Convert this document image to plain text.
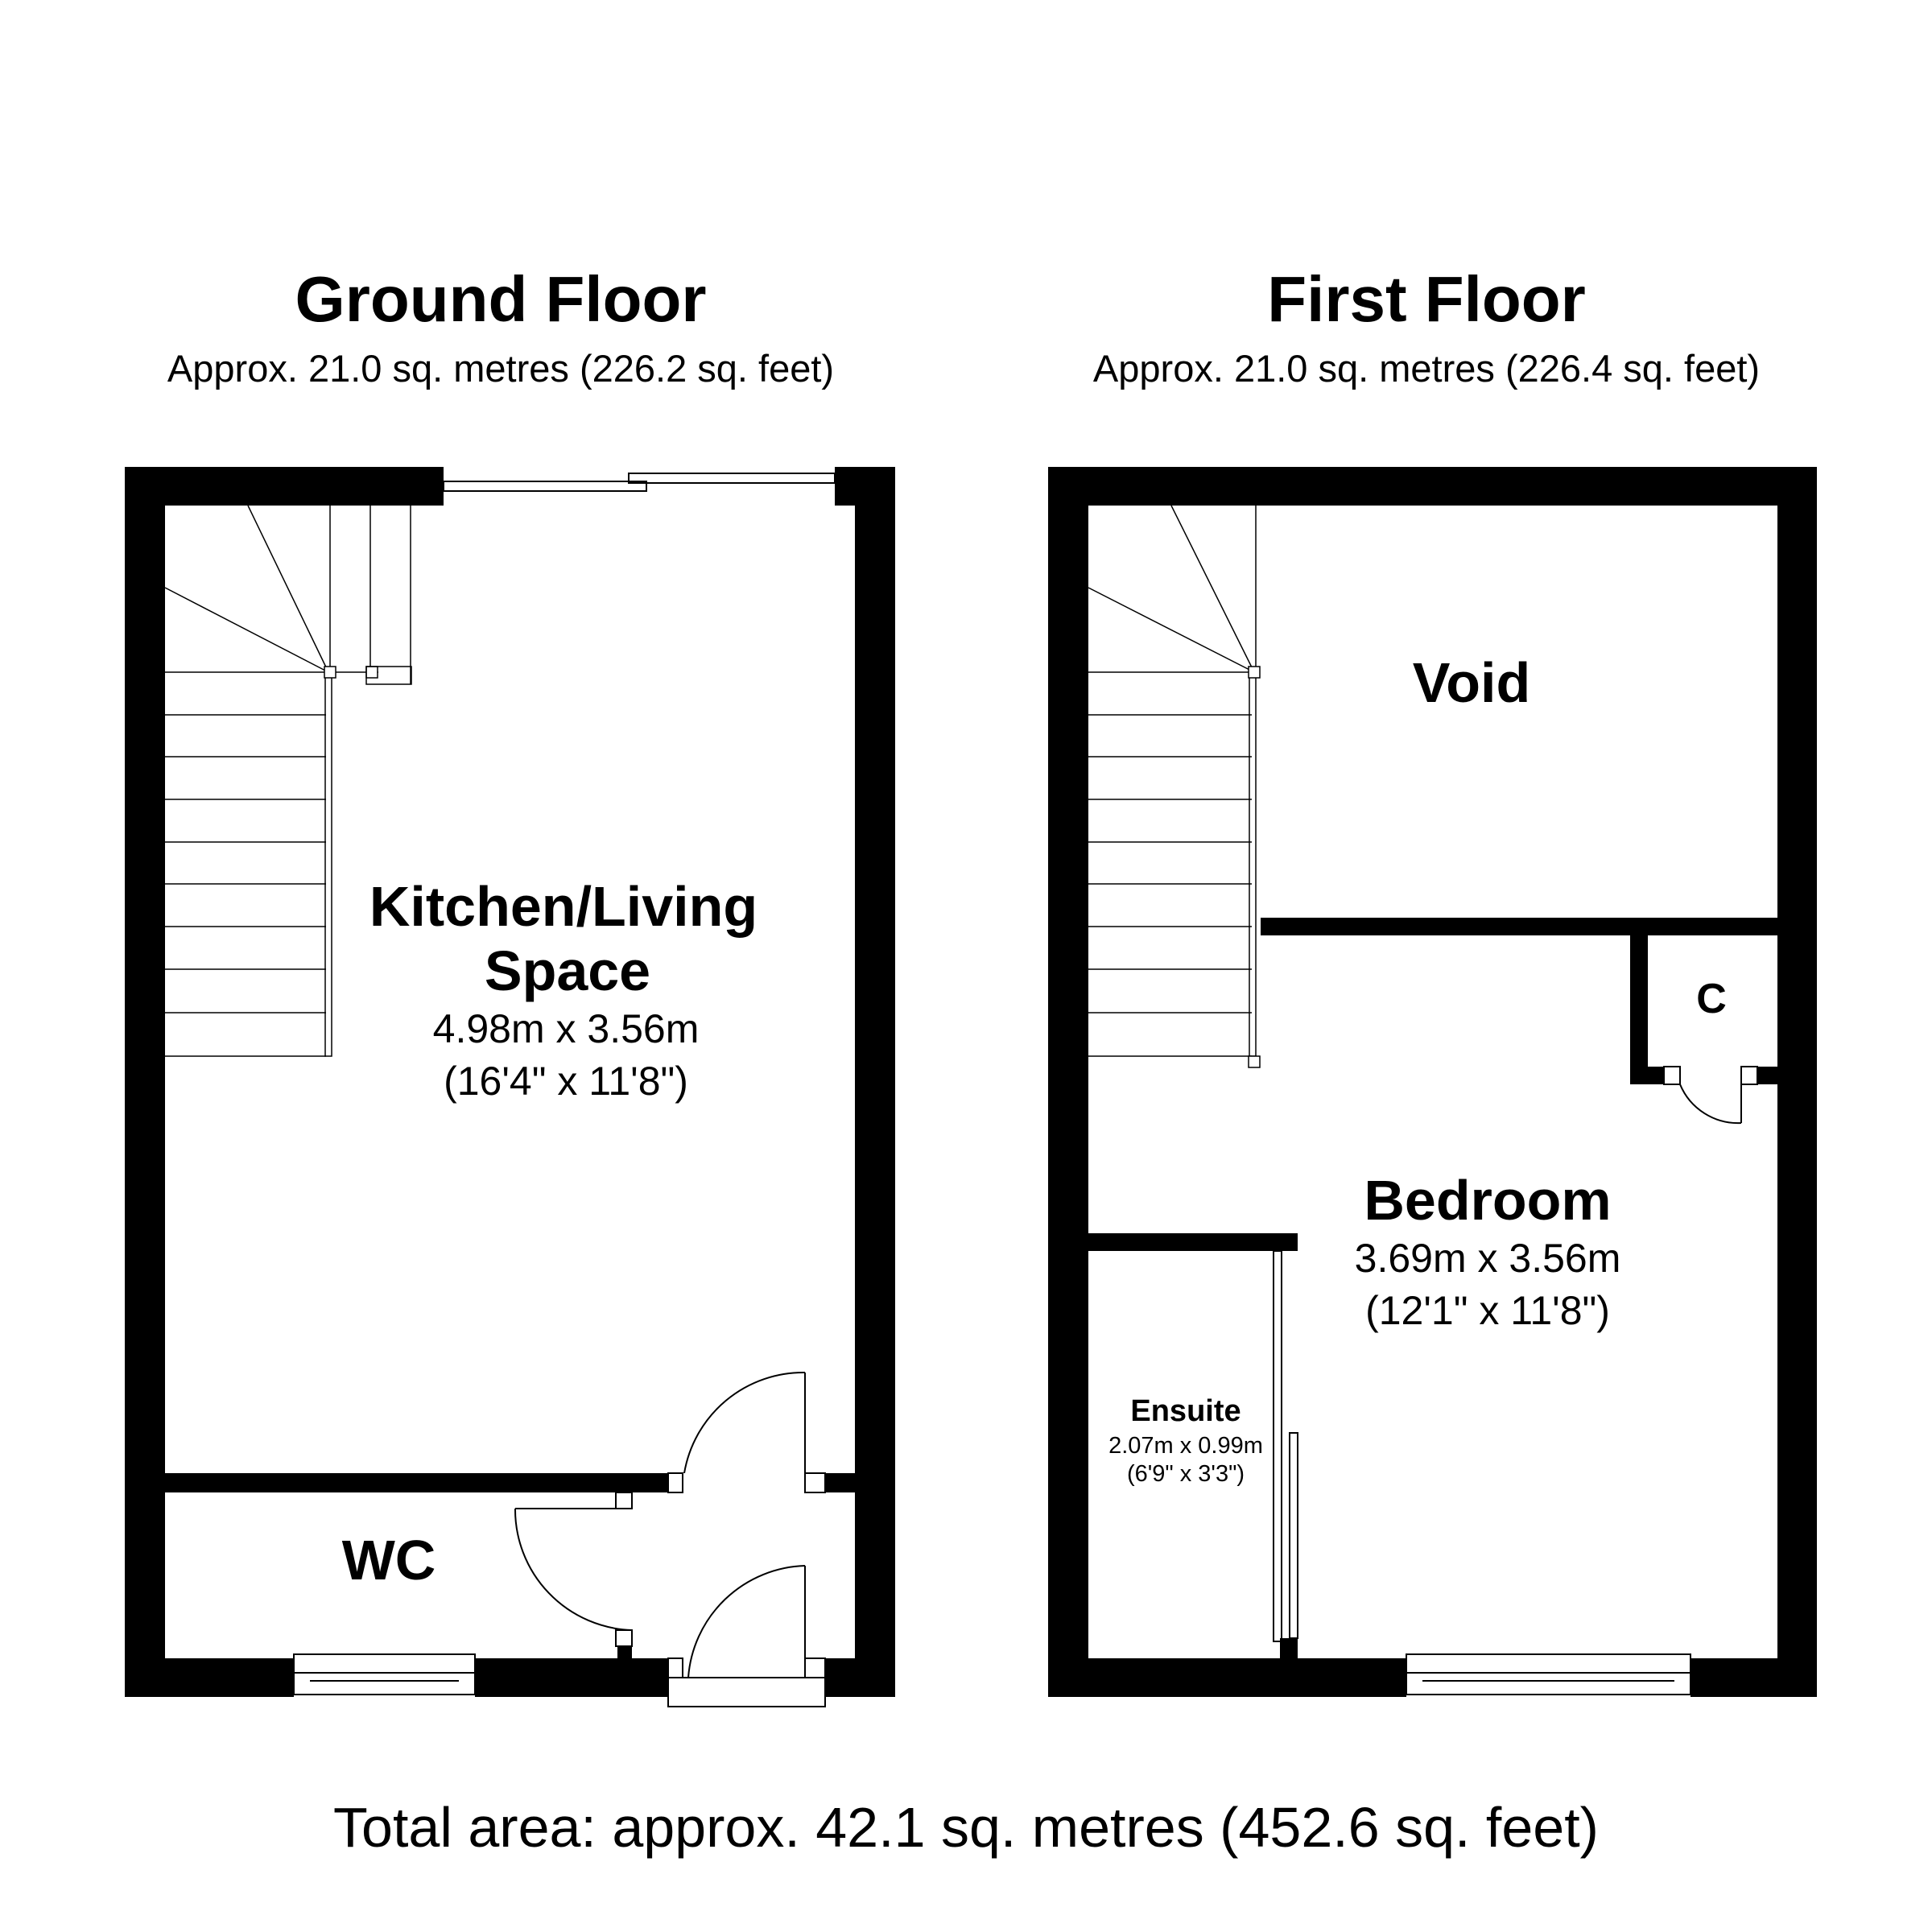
Ground Floor
Approx. 21.0 sq. metres (226.2 sq. feet)
First Floor
Approx. 21.0 sq. metres (226.4 sq. feet)
Total area: approx. 42.1 sq. metres (452.6 sq. feet)
Kitchen/Living
Space
4.98m x 3.56m
(16'4" x 11'8")
WC
Void
C
Bedroom
3.69m x 3.56m
(12'1" x 11'8")
Ensuite
2.07m x 0.99m
(6'9" x 3'3")
